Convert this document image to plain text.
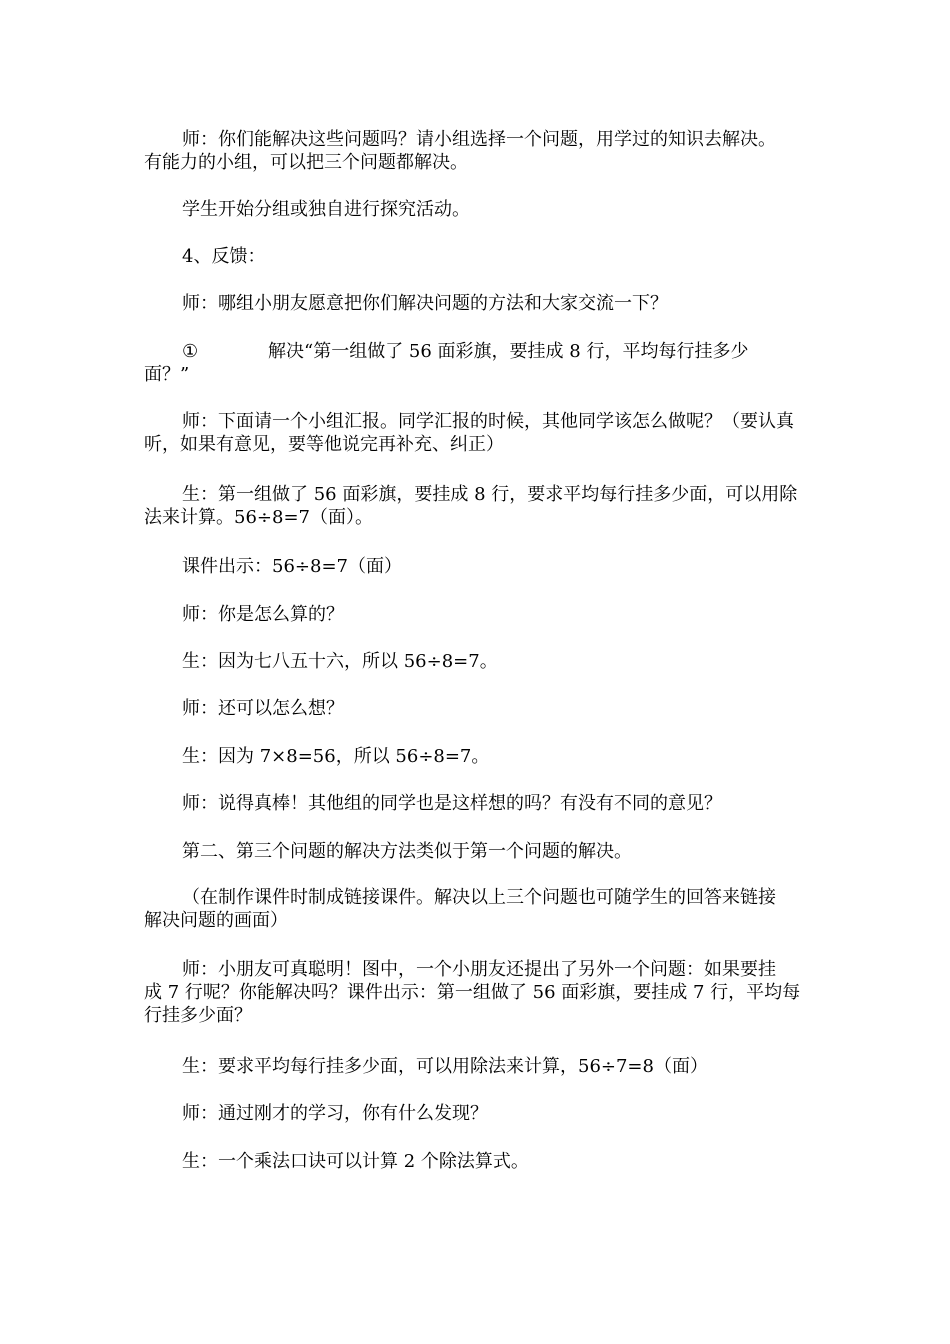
师：你们能解决这些问题吗？请小组选择一个问题，用学过的知识去解决。
有能力的小组，可以把三个问题都解决。

学生开始分组或独自进行探究活动。

4、反馈：

师：哪组小朋友愿意把你们解决问题的方法和大家交流一下？

①	解决“第一组做了 56 面彩旗，要挂成 8 行，平均每行挂多少
面？”

师：下面请一个小组汇报。同学汇报的时候，其他同学该怎么做呢？（要认真
听，如果有意见，要等他说完再补充、纠正）

生：第一组做了 56 面彩旗，要挂成 8 行，要求平均每行挂多少面，可以用除
法来计算。56÷8=7（面）。

课件出示：56÷8=7（面）

师：你是怎么算的？

生：因为七八五十六，所以 56÷8=7。

师：还可以怎么想？

生：因为 7×8=56，所以 56÷8=7。

师：说得真棒！其他组的同学也是这样想的吗？有没有不同的意见？

第二、第三个问题的解决方法类似于第一个问题的解决。

（在制作课件时制成链接课件。解决以上三个问题也可随学生的回答来链接
解决问题的画面）

师：小朋友可真聪明！图中，一个小朋友还提出了另外一个问题：如果要挂
成 7 行呢？你能解决吗？课件出示：第一组做了 56 面彩旗，要挂成 7 行，平均每
行挂多少面？

生：要求平均每行挂多少面，可以用除法来计算，56÷7=8（面）

师：通过刚才的学习，你有什么发现？

生：一个乘法口诀可以计算 2 个除法算式。
